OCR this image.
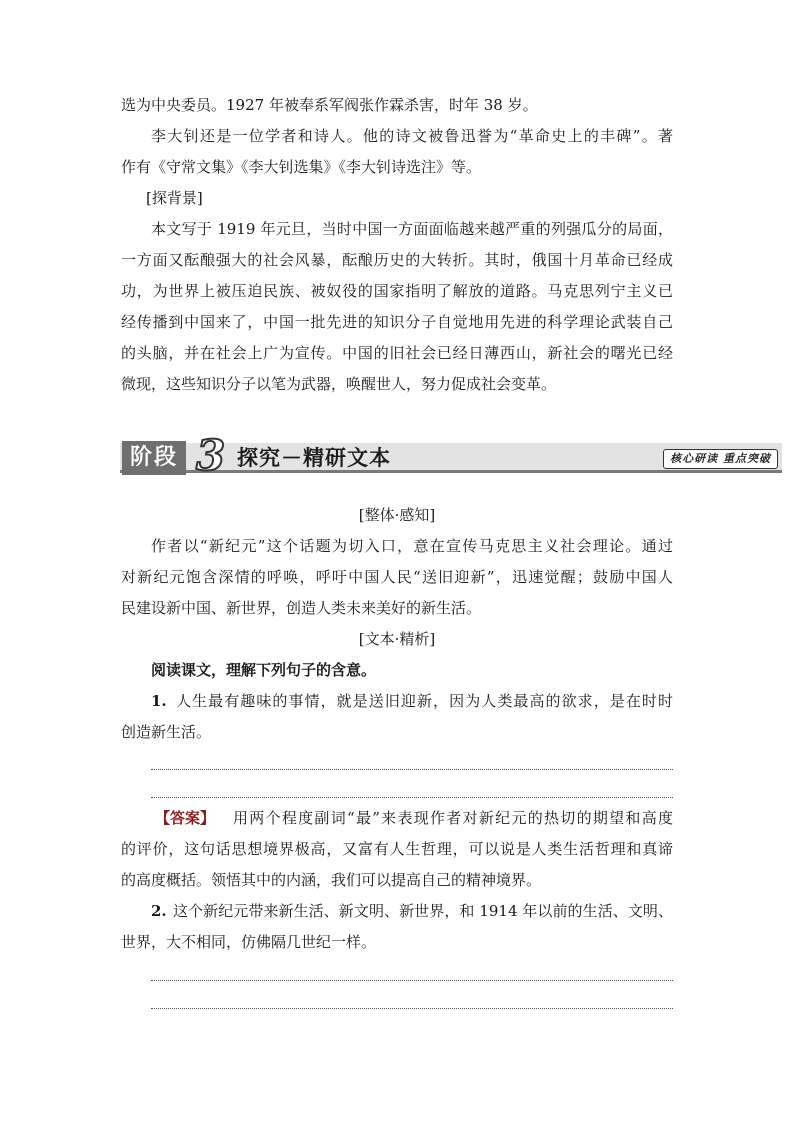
选为中央委员。1927 年被奉系军阀张作霖杀害，时年 38 岁。
李大钊还是一位学者和诗人。他的诗文被鲁迅誉为“革命史上的丰碑”。著
作有《守常文集》《李大钊选集》《李大钊诗选注》等。
[探背景]
本文写于 1919 年元旦，当时中国一方面面临越来越严重的列强瓜分的局面，
一方面又酝酿强大的社会风暴，酝酿历史的大转折。其时，俄国十月革命已经成
功，为世界上被压迫民族、被奴役的国家指明了解放的道路。马克思列宁主义已
经传播到中国来了，中国一批先进的知识分子自觉地用先进的科学理论武装自己
的头脑，并在社会上广为宣传。中国的旧社会已经日薄西山，新社会的曙光已经
微现，这些知识分子以笔为武器，唤醒世人，努力促成社会变革。
阶段 3 探究－精研文本	核心研读 重点突破
[整体·感知]
作者以“新纪元”这个话题为切入口，意在宣传马克思主义社会理论。通过
对新纪元饱含深情的呼唤，呼吁中国人民“送旧迎新”，迅速觉醒；鼓励中国人
民建设新中国、新世界，创造人类未来美好的新生活。
[文本·精析]
阅读课文，理解下列句子的含意。
1. 人生最有趣味的事情，就是送旧迎新，因为人类最高的欲求，是在时时
创造新生活。
【答案】 用两个程度副词“最”来表现作者对新纪元的热切的期望和高度
的评价，这句话思想境界极高，又富有人生哲理，可以说是人类生活哲理和真谛
的高度概括。领悟其中的内涵，我们可以提高自己的精神境界。
2. 这个新纪元带来新生活、新文明、新世界，和 1914 年以前的生活、文明、
世界，大不相同，仿佛隔几世纪一样。
